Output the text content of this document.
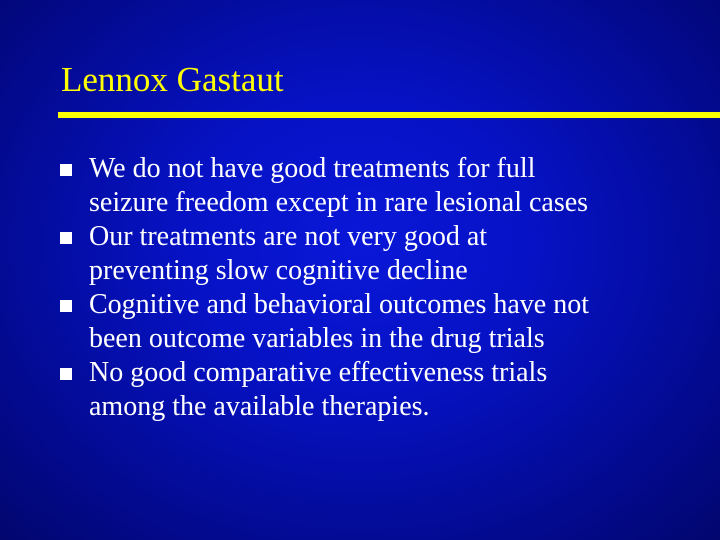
Lennox Gastaut
We do not have good treatments for full
seizure freedom except in rare lesional cases
Our treatments are not very good at
preventing slow cognitive decline
Cognitive and behavioral outcomes have not
been outcome variables in the drug trials
No good comparative effectiveness trials
among the available therapies.
